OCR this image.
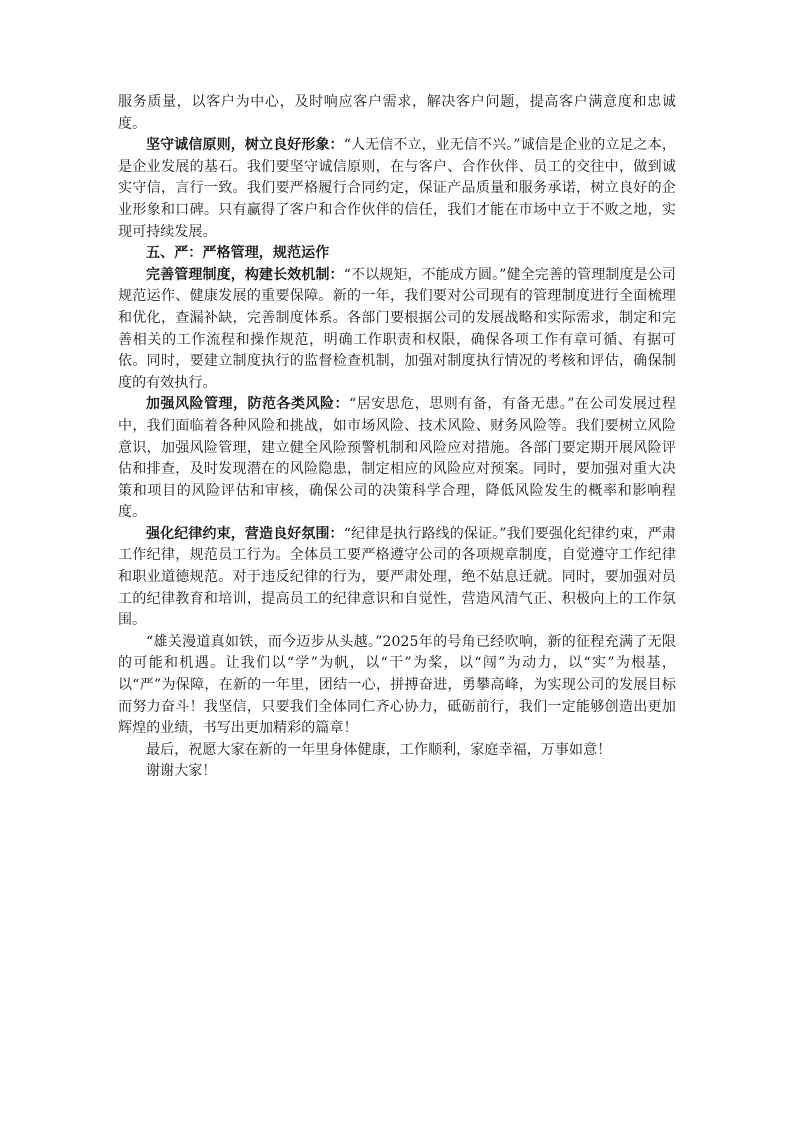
服务质量，以客户为中心，及时响应客户需求，解决客户问题，提高客户满意度和忠诚度。

坚守诚信原则，树立良好形象：“人无信不立，业无信不兴。”诚信是企业的立足之本，是企业发展的基石。我们要坚守诚信原则，在与客户、合作伙伴、员工的交往中，做到诚实守信，言行一致。我们要严格履行合同约定，保证产品质量和服务承诺，树立良好的企业形象和口碑。只有赢得了客户和合作伙伴的信任，我们才能在市场中立于不败之地，实现可持续发展。

五、严：严格管理，规范运作

完善管理制度，构建长效机制：“不以规矩，不能成方圆。”健全完善的管理制度是公司规范运作、健康发展的重要保障。新的一年，我们要对公司现有的管理制度进行全面梳理和优化，查漏补缺，完善制度体系。各部门要根据公司的发展战略和实际需求，制定和完善相关的工作流程和操作规范，明确工作职责和权限，确保各项工作有章可循、有据可依。同时，要建立制度执行的监督检查机制，加强对制度执行情况的考核和评估，确保制度的有效执行。

加强风险管理，防范各类风险：“居安思危，思则有备，有备无患。”在公司发展过程中，我们面临着各种风险和挑战，如市场风险、技术风险、财务风险等。我们要树立风险意识，加强风险管理，建立健全风险预警机制和风险应对措施。各部门要定期开展风险评估和排查，及时发现潜在的风险隐患，制定相应的风险应对预案。同时，要加强对重大决策和项目的风险评估和审核，确保公司的决策科学合理，降低风险发生的概率和影响程度。

强化纪律约束，营造良好氛围：“纪律是执行路线的保证。”我们要强化纪律约束，严肃工作纪律，规范员工行为。全体员工要严格遵守公司的各项规章制度，自觉遵守工作纪律和职业道德规范。对于违反纪律的行为，要严肃处理，绝不姑息迁就。同时，要加强对员工的纪律教育和培训，提高员工的纪律意识和自觉性，营造风清气正、积极向上的工作氛围。

“雄关漫道真如铁，而今迈步从头越。”2025年的号角已经吹响，新的征程充满了无限的可能和机遇。让我们以“学”为帆，以“干”为桨，以“闯”为动力，以“实”为根基，以“严”为保障，在新的一年里，团结一心，拼搏奋进，勇攀高峰，为实现公司的发展目标而努力奋斗！我坚信，只要我们全体同仁齐心协力，砥砺前行，我们一定能够创造出更加辉煌的业绩，书写出更加精彩的篇章！

最后，祝愿大家在新的一年里身体健康，工作顺利，家庭幸福，万事如意！

谢谢大家！
